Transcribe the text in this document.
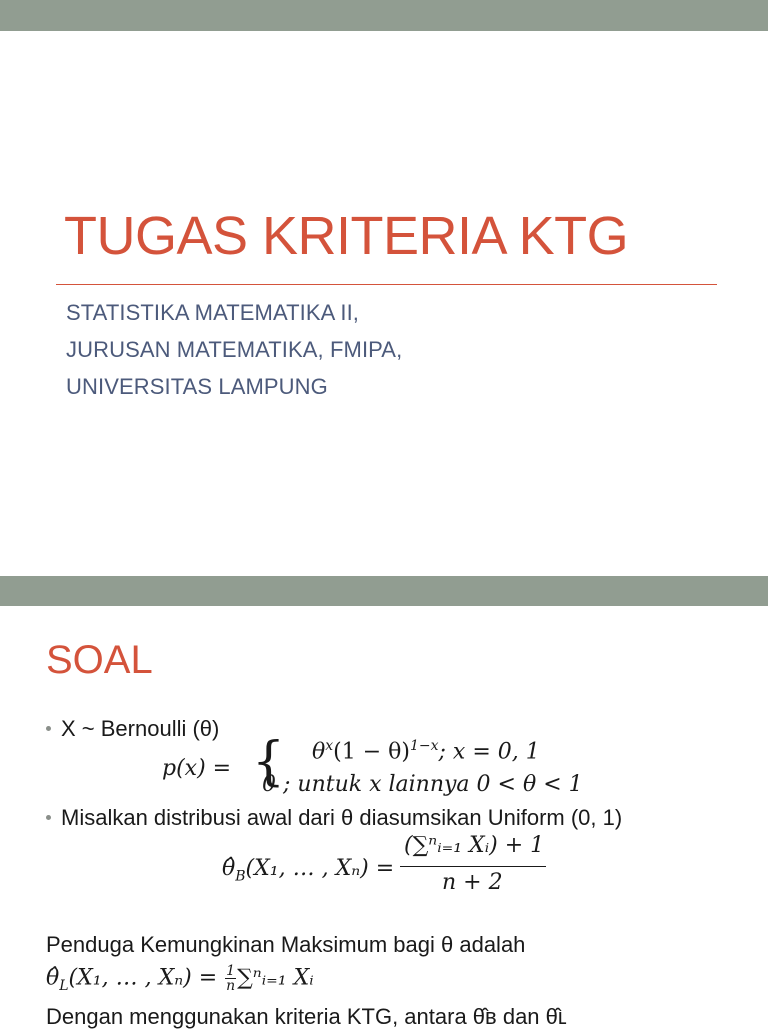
TUGAS KRITERIA KTG
STATISTIKA MATEMATIKA II,
JURUSAN MATEMATIKA, FMIPA,
UNIVERSITAS LAMPUNG
SOAL
X ~ Bernoulli (θ)
p(x) = { $\theta^x(1 - \theta)^{1-x}$; x = 0, 1
0 ; untuk x lainnya 0 < θ < 1
Misalkan distribusi awal dari θ diasumsikan Uniform (0, 1)
$\thetâ_B(X_1$, … , Xₙ) =
(∑ⁿᵢ₌₁ Xᵢ) + 1
n + 2
Penduga Kemungkinan Maksimum bagi θ adalah
$\thetâ_L(X_1$, … , $X_n) = \frac{1}{n}$ ∑ⁿᵢ₌₁ Xᵢ
Dengan menggunakan kriteria KTG, antara θ̂ʙ dan θ̂ʟ
